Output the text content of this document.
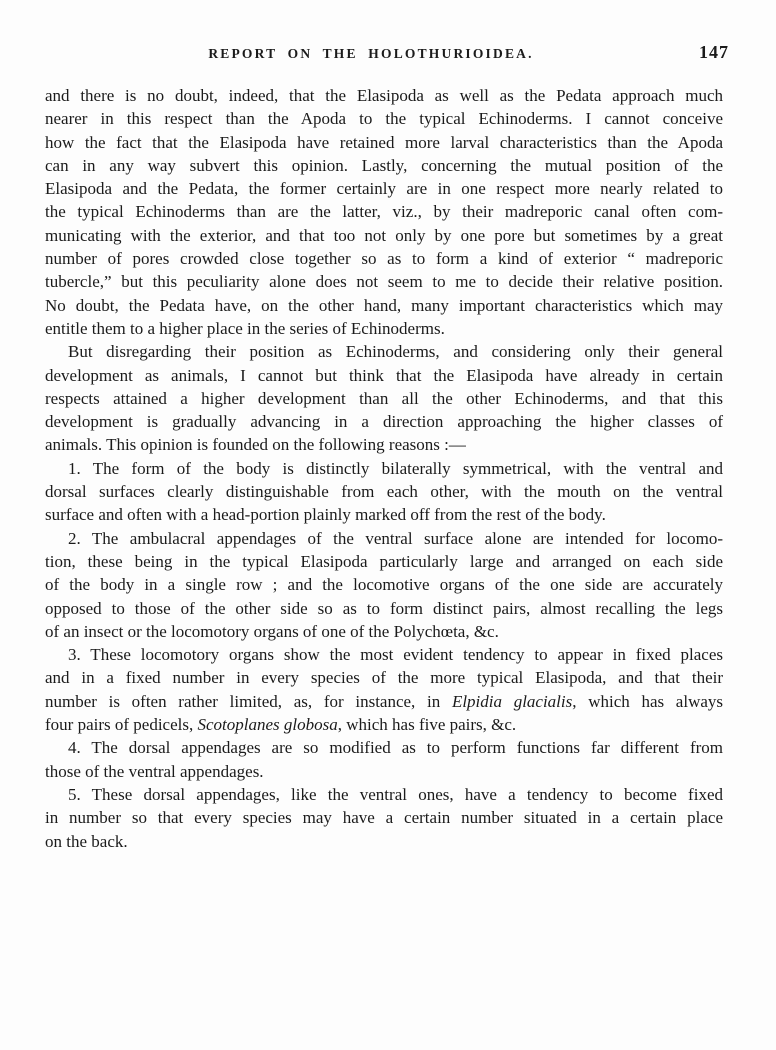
REPORT ON THE HOLOTHURIOIDEA.	147
and there is no doubt, indeed, that the Elasipoda as well as the Pedata approach much
nearer in this respect than the Apoda to the typical Echinoderms. I cannot conceive
how the fact that the Elasipoda have retained more larval characteristics than the Apoda
can in any way subvert this opinion. Lastly, concerning the mutual position of the
Elasipoda and the Pedata, the former certainly are in one respect more nearly related to
the typical Echinoderms than are the latter, viz., by their madreporic canal often com-
municating with the exterior, and that too not only by one pore but sometimes by a great
number of pores crowded close together so as to form a kind of exterior “ madreporic
tubercle,” but this peculiarity alone does not seem to me to decide their relative position.
No doubt, the Pedata have, on the other hand, many important characteristics which may
entitle them to a higher place in the series of Echinoderms.
But disregarding their position as Echinoderms, and considering only their general
development as animals, I cannot but think that the Elasipoda have already in certain
respects attained a higher development than all the other Echinoderms, and that this
development is gradually advancing in a direction approaching the higher classes of
animals. This opinion is founded on the following reasons :—
1. The form of the body is distinctly bilaterally symmetrical, with the ventral and
dorsal surfaces clearly distinguishable from each other, with the mouth on the ventral
surface and often with a head-portion plainly marked off from the rest of the body.
2. The ambulacral appendages of the ventral surface alone are intended for locomo-
tion, these being in the typical Elasipoda particularly large and arranged on each side
of the body in a single row ; and the locomotive organs of the one side are accurately
opposed to those of the other side so as to form distinct pairs, almost recalling the legs
of an insect or the locomotory organs of one of the Polychœta, &c.
3. These locomotory organs show the most evident tendency to appear in fixed places
and in a fixed number in every species of the more typical Elasipoda, and that their
number is often rather limited, as, for instance, in Elpidia glacialis, which has always
four pairs of pedicels, Scotoplanes globosa, which has five pairs, &c.
4. The dorsal appendages are so modified as to perform functions far different from
those of the ventral appendages.
5. These dorsal appendages, like the ventral ones, have a tendency to become fixed
in number so that every species may have a certain number situated in a certain place
on the back.
